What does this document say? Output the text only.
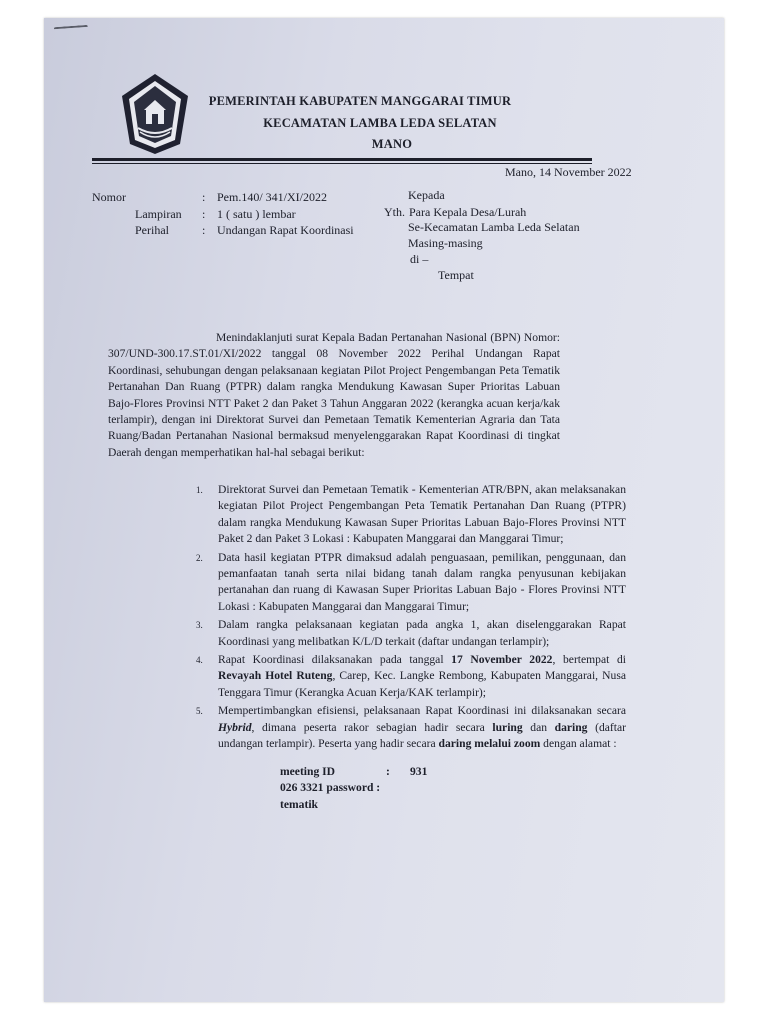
PEMERINTAH KABUPATEN MANGGARAI TIMUR
KECAMATAN LAMBA LEDA SELATAN
MANO
Mano, 14 November 2022
Nomor	: Pem.140/ 341/XI/2022
Lampiran : 1 ( satu ) lembar
Perihal	: Undangan Rapat Koordinasi
Kepada
Yth. Para Kepala Desa/Lurah
Se-Kecamatan Lamba Leda Selatan
Masing-masing
di –
Tempat

Menindaklanjuti surat Kepala Badan Pertanahan Nasional (BPN) Nomor: 307/UND-300.17.ST.01/XI/2022 tanggal 08 November 2022 Perihal Undangan Rapat Koordinasi, sehubungan dengan pelaksanaan kegiatan Pilot Project Pengembangan Peta Tematik Pertanahan Dan Ruang (PTPR) dalam rangka Mendukung Kawasan Super Prioritas Labuan Bajo-Flores Provinsi NTT Paket 2 dan Paket 3 Tahun Anggaran 2022 (kerangka acuan kerja/kak terlampir), dengan ini Direktorat Survei dan Pemetaan Tematik Kementerian Agraria dan Tata Ruang/Badan Pertanahan Nasional bermaksud menyelenggarakan Rapat Koordinasi di tingkat Daerah dengan memperhatikan hal-hal sebagai berikut:

1. Direktorat Survei dan Pemetaan Tematik - Kementerian ATR/BPN, akan melaksanakan kegiatan Pilot Project Pengembangan Peta Tematik Pertanahan Dan Ruang (PTPR) dalam rangka Mendukung Kawasan Super Prioritas Labuan Bajo-Flores Provinsi NTT Paket 2 dan Paket 3 Lokasi : Kabupaten Manggarai dan Manggarai Timur;
2. Data hasil kegiatan PTPR dimaksud adalah penguasaan, pemilikan, penggunaan, dan pemanfaatan tanah serta nilai bidang tanah dalam rangka penyusunan kebijakan pertanahan dan ruang di Kawasan Super Prioritas Labuan Bajo - Flores Provinsi NTT Lokasi : Kabupaten Manggarai dan Manggarai Timur;
3. Dalam rangka pelaksanaan kegiatan pada angka 1, akan diselenggarakan Rapat Koordinasi yang melibatkan K/L/D terkait (daftar undangan terlampir);
4. Rapat Koordinasi dilaksanakan pada tanggal 17 November 2022, bertempat di Revayah Hotel Ruteng, Carep, Kec. Langke Rembong, Kabupaten Manggarai, Nusa Tenggara Timur (Kerangka Acuan Kerja/KAK terlampir);
5. Mempertimbangkan efisiensi, pelaksanaan Rapat Koordinasi ini dilaksanakan secara Hybrid, dimana peserta rakor sebagian hadir secara luring dan daring (daftar undangan terlampir). Peserta yang hadir secara daring melalui zoom dengan alamat :
meeting ID	: 931
026 3321 password :
tematik
